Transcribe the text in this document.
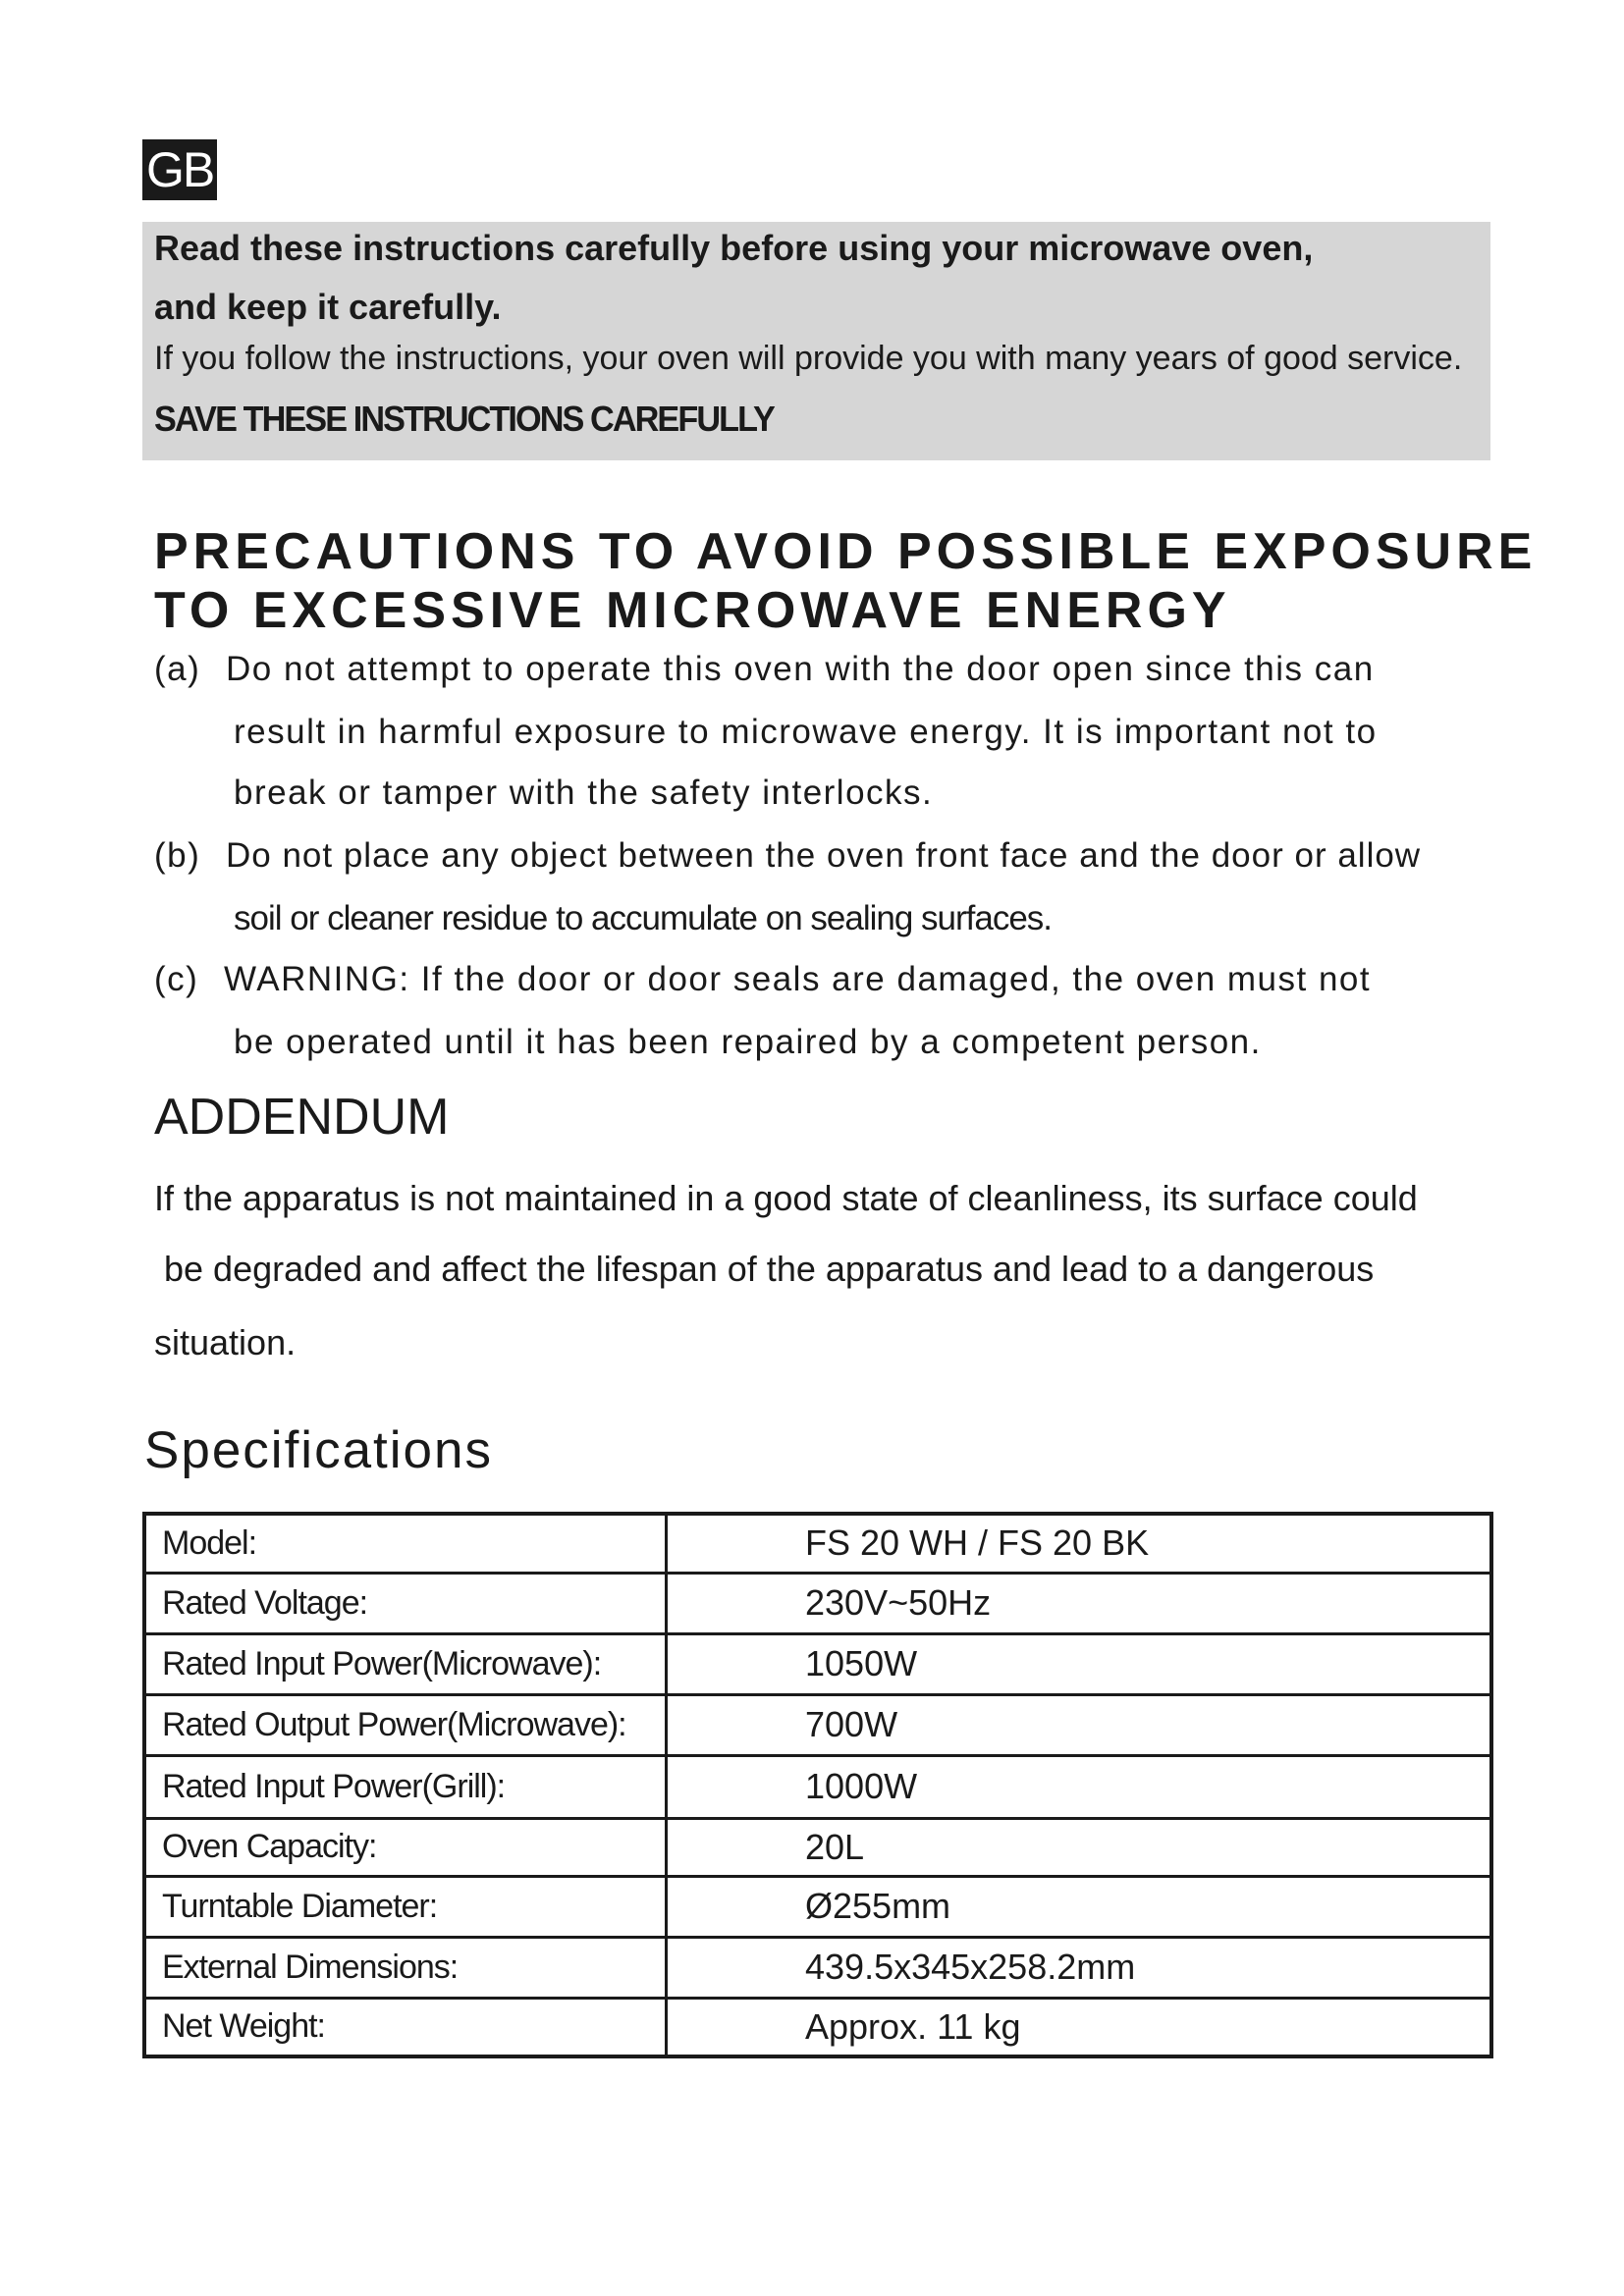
GB
Read these instructions carefully before using your microwave oven,
and keep it carefully.
If you follow the instructions, your oven will provide you with many years of good service.
SAVE THESE INSTRUCTIONS CAREFULLY
PRECAUTIONS TO AVOID POSSIBLE EXPOSURE
TO EXCESSIVE MICROWAVE ENERGY
(a) Do not attempt to operate this oven with the door open since this can
result in harmful exposure to microwave energy. It is important not to
break or tamper with the safety interlocks.
(b) Do not place any object between the oven front face and the door or allow
soil or cleaner residue to accumulate on sealing surfaces.
(c) WARNING: If the door or door seals are damaged, the oven must not
be operated until it has been repaired by a competent person.
ADDENDUM
If the apparatus is not maintained in a good state of cleanliness, its surface could
be degraded and affect the lifespan of the apparatus and lead to a dangerous
situation.
Specifications
Model:	FS 20 WH / FS 20 BK
Rated Voltage:	230V~50Hz
Rated Input Power(Microwave):	1050W
Rated Output Power(Microwave):	700W
Rated Input Power(Grill):	1000W
Oven Capacity:	20L
Turntable Diameter:	Ø255mm
External Dimensions:	439.5x345x258.2mm
Net Weight:	Approx. 11 kg
